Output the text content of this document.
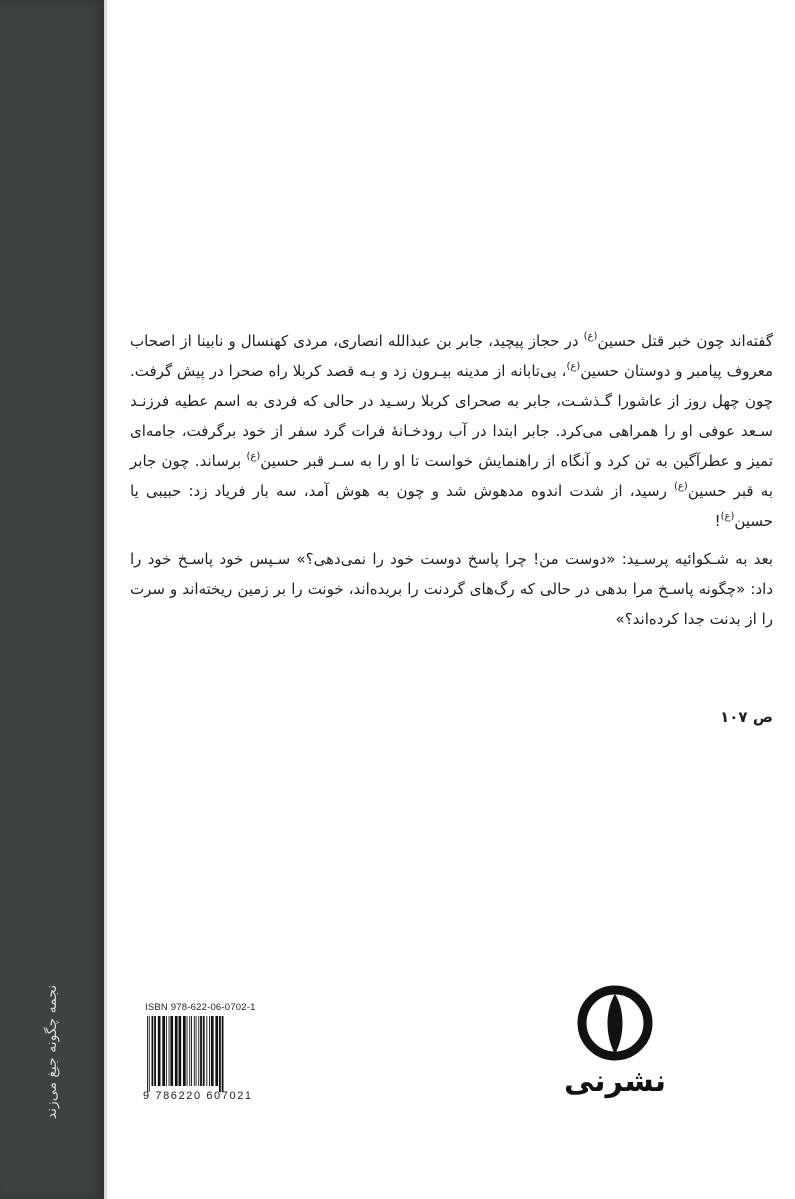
نجمه چگونه جیغ می‌زند

گفته‌اند چون خبر قتل حسین$^{(ع)}$ در حجاز پیچید، جابر بن عبدالله انصاری، مردی کهنسال و نابینا از اصحاب معروف پیامبر و دوستان حسین$^{(ع)}$، بی‌تابانه از مدینه بیـرون زد و بـه قصد کربلا راه صحرا در پیش گرفت. چون چهل روز از عاشورا گـذشـت، جابر به صحرای کربلا رسـید در حالی که فردی به اسم عطیه فرزنـد سـعد عوفی او را همراهی می‌کرد. جابر ابتدا در آب رودخـانهٔ فرات گرد سفر از خود برگرفت، جامه‌ای تمیز و عطرآگین به تن کرد و آنگاه از راهنمایش خواست تا او را به سـر قبر حسین$^{(ع)}$ برساند. چون جابر به قبر حسین$^{(ع)}$ رسید، از شدت اندوه مدهوش شد و چون به هوش آمد، سه بار فریاد زد: حبیبی یا حسین$^{(ع)}$!

بعد به شـکوائیه پرسـید: «دوست من! چرا پاسخ دوست خود را نمی‌دهی؟» سـپس خود پاسـخ خود را داد: «چگونه پاسـخ مرا بدهی در حالی که رگ‌های گردنت را بریده‌اند، خونت را بر زمین ریخته‌اند و سرت را از بدنت جدا کرده‌اند؟»

ص ۱۰۷
ISBN 978-622-06-0702-1
9 786220 607021	نشرنی
